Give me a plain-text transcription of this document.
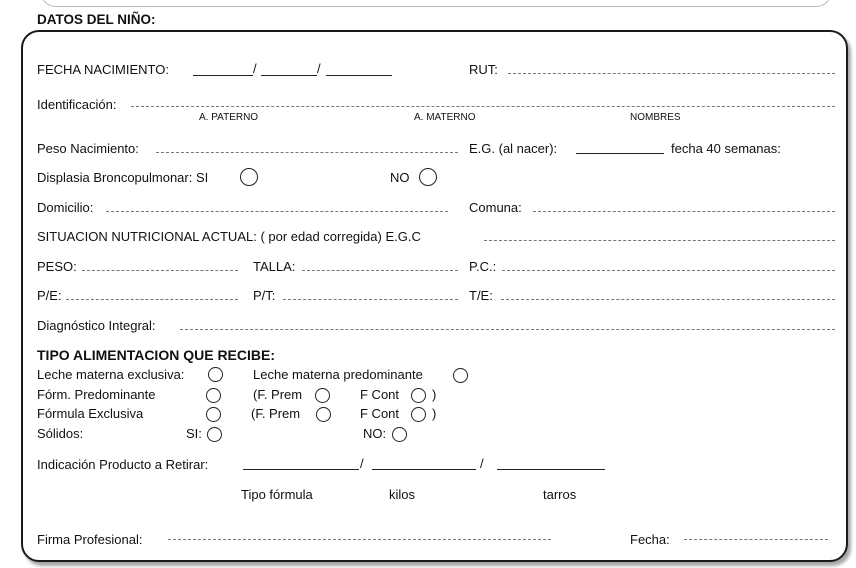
DATOS DEL NIÑO:
FECHA NACIMIENTO:	/	/	RUT:
Identificación:
A. PATERNO	A. MATERNO	NOMBRES
Peso Nacimiento:	E.G. (al nacer):	fecha 40 semanas:
Displasia Broncopulmonar: SI	NO
Domicilio:	Comuna:
SITUACION NUTRICIONAL ACTUAL: ( por edad corregida) E.G.C
PESO:	TALLA:	P.C.:
P/E:	P/T:	T/E:
Diagnóstico Integral:
TIPO ALIMENTACION QUE RECIBE:
Leche materna exclusiva:	Leche materna predominante
Fórm. Predominante	(F. Prem	F Cont	)
Fórmula Exclusiva	(F. Prem	F Cont	)
Sólidos:	SI:	NO:
Indicación Producto a Retirar:	/	/
Tipo fórmula	kilos	tarros
Firma Profesional:	Fecha:
